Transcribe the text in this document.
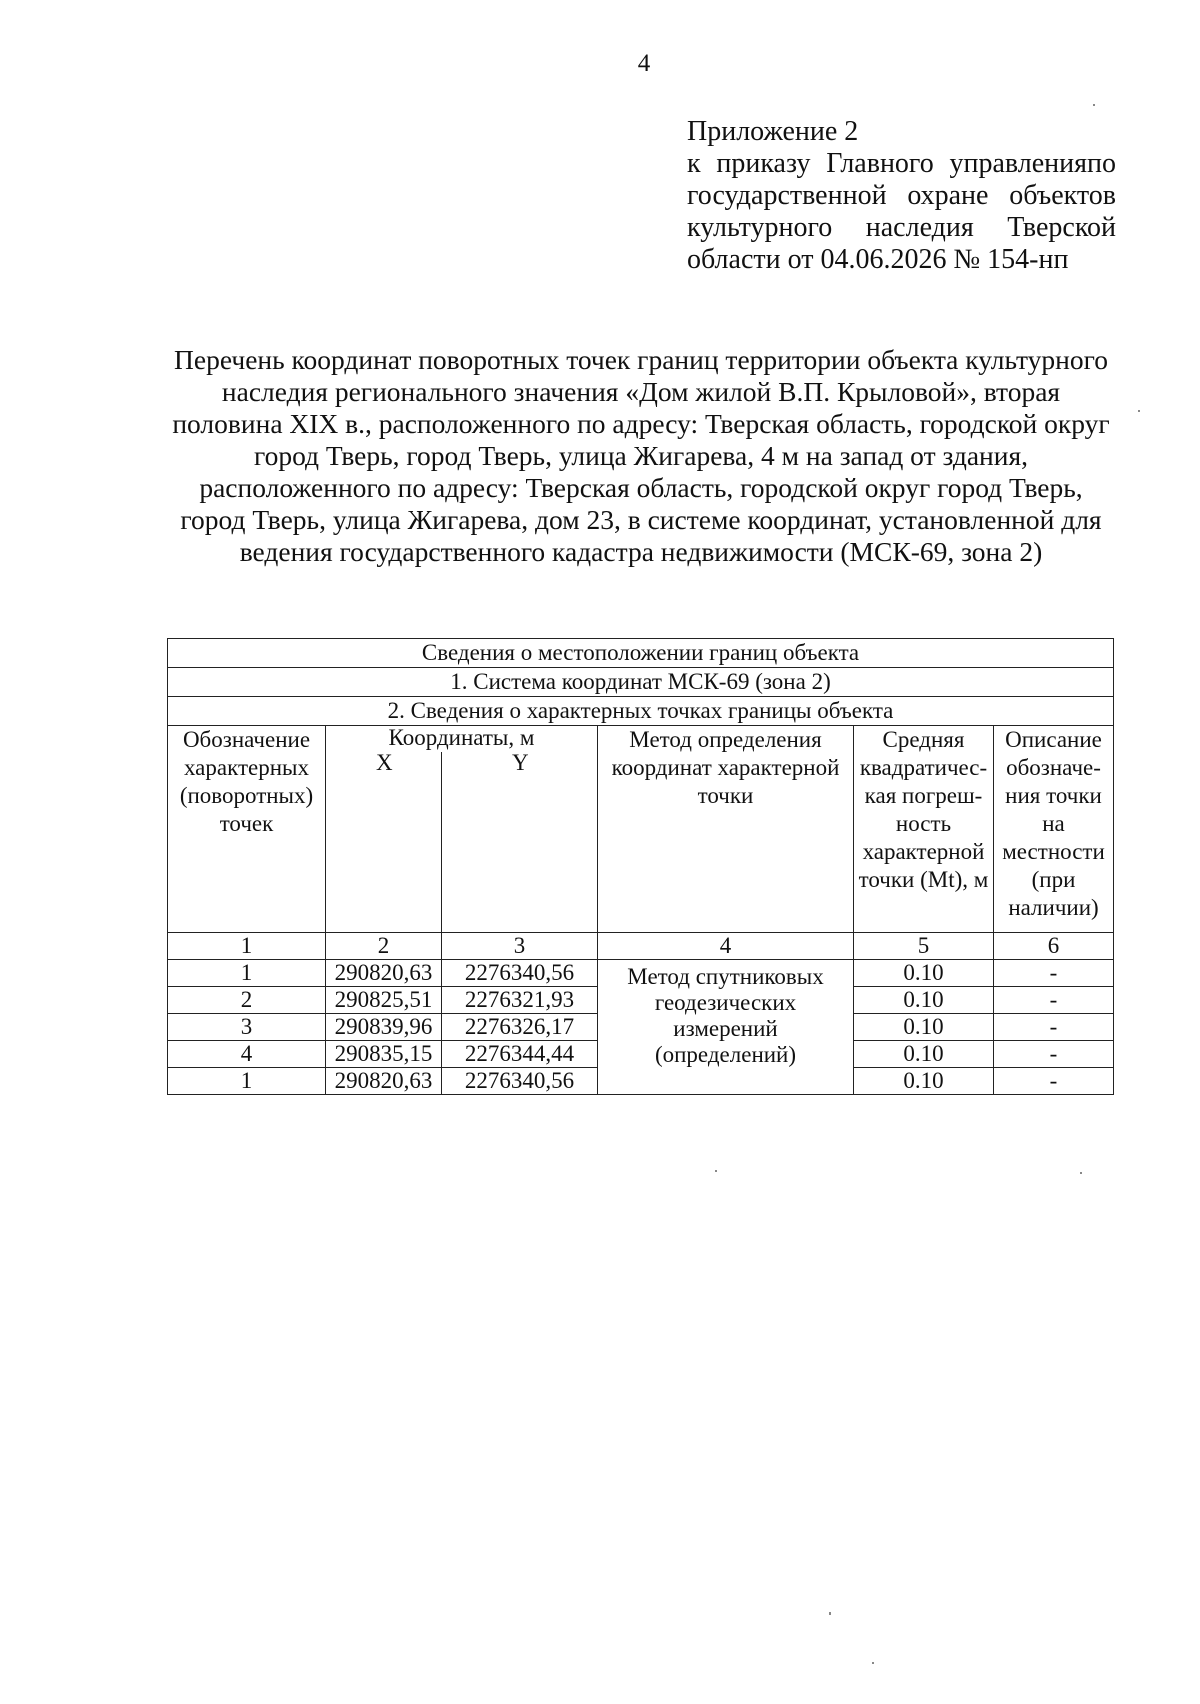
4
Приложение 2
к приказу Главного управленияпо государственной охране объектов культурного наследия Тверской области от 04.06.2026 № 154-нп
Перечень координат поворотных точек границ территории объекта культурного наследия регионального значения «Дом жилой В.П. Крыловой», вторая половина XIX в., расположенного по адресу: Тверская область, городской округ город Тверь, город Тверь, улица Жигарева, 4 м на запад от здания, расположенного по адресу: Тверская область, городской округ город Тверь, город Тверь, улица Жигарева, дом 23, в системе координат, установленной для ведения государственного кадастра недвижимости (МСК-69, зона 2)
Сведения о местоположении границ объекта					
1. Система координат МСК-69 (зона 2)					
2. Сведения о характерных точках границы объекта					
Обозначение характерных (поворотных) точек	Координаты, м		Метод определения координат характерной точки	Средняя квадратичес-кая погреш-ность характерной точки (Mt), м	Описание обозначе-ния точки на местности (при наличии)
	X	Y			
1	2	3	4	5	6
1	290820,63	2276340,56	Метод спутниковых геодезических измерений (определений)	0.10	-
2	290825,51	2276321,93		0.10	-
3	290839,96	2276326,17		0.10	-
4	290835,15	2276344,44		0.10	-
1	290820,63	2276340,56		0.10	-
